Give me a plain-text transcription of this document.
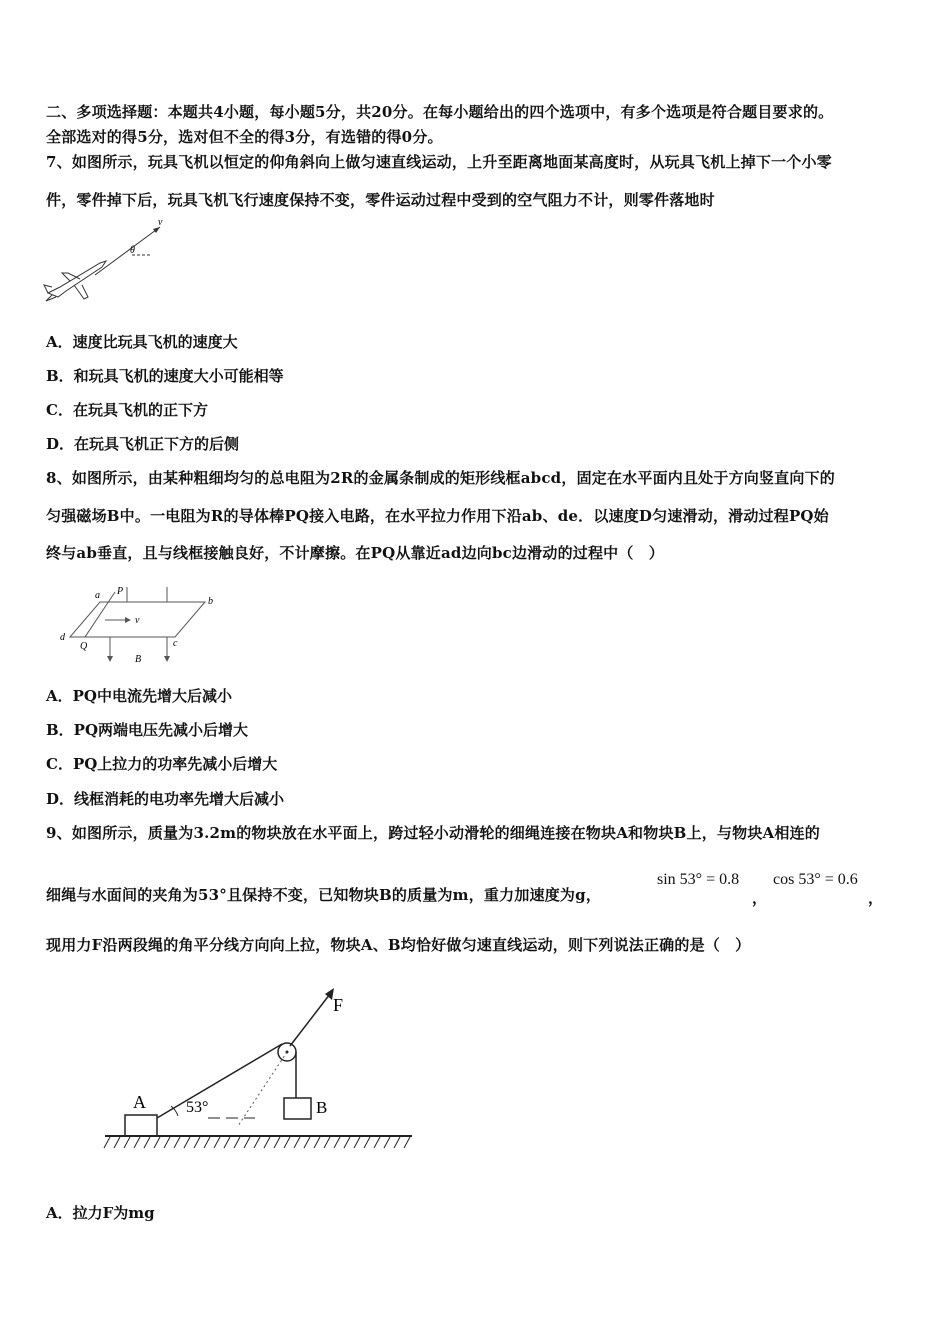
二、多项选择题：本题共4小题，每小题5分，共20分。在每小题给出的四个选项中，有多个选项是符合题目要求的。
全部选对的得5分，选对但不全的得3分，有选错的得0分。
7、如图所示，玩具飞机以恒定的仰角斜向上做匀速直线运动，上升至距离地面某高度时，从玩具飞机上掉下一个小零
件，零件掉下后，玩具飞机飞行速度保持不变，零件运动过程中受到的空气阻力不计，则零件落地时
v
θ
A．速度比玩具飞机的速度大
B．和玩具飞机的速度大小可能相等
C．在玩具飞机的正下方
D．在玩具飞机正下方的后侧
8、如图所示，由某种粗细均匀的总电阻为2R的金属条制成的矩形线框abcd，固定在水平面内且处于方向竖直向下的
匀强磁场B中。一电阻为R的导体棒PQ接入电路，在水平拉力作用下沿ab、de．以速度D匀速滑动，滑动过程PQ始
终与ab垂直，且与线框接触良好，不计摩擦。在PQ从靠近ad边向bc边滑动的过程中（　）
a P
b
d
Q	c
v
B
A．PQ中电流先增大后减小
B．PQ两端电压先减小后增大
C．PQ上拉力的功率先减小后增大
D．线框消耗的电功率先增大后减小
9、如图所示，质量为3.2m的物块放在水平面上，跨过轻小动滑轮的细绳连接在物块A和物块B上，与物块A相连的
细绳与水面间的夹角为53°且保持不变，已知物块B的质量为m，重力加速度为g，
sin 53° = 0.8
，
cos 53° = 0.6
，
现用力F沿两段绳的角平分线方向向上拉，物块A、B均恰好做匀速直线运动，则下列说法正确的是（　）
A	B
F
53°
A．拉力F为mg
